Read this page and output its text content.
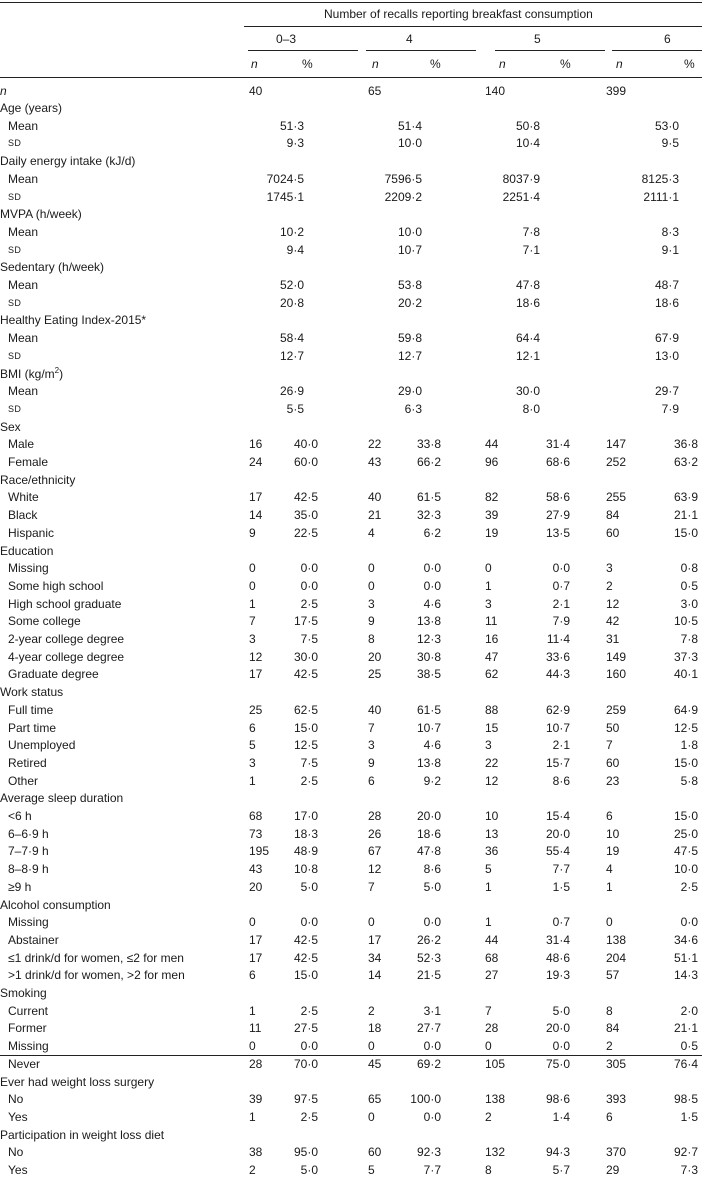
Number of recalls reporting breakfast consumption
0–3	4	5	6
n	%	n	%	n	%	n	%
n	40	65	140	399
Age (years)
Mean	51·3	51·4	50·8	53·0
SD	9·3	10·0	10·4	9·5
Daily energy intake (kJ/d)
Mean	7024·5	7596·5	8037·9	8125·3
SD	1745·1	2209·2	2251·4	2111·1
MVPA (h/week)
Mean	10·2	10·0	7·8	8·3
SD	9·4	10·7	7·1	9·1
Sedentary (h/week)
Mean	52·0	53·8	47·8	48·7
SD	20·8	20·2	18·6	18·6
Healthy Eating Index-2015*
Mean	58·4	59·8	64·4	67·9
SD	12·7	12·7	12·1	13·0
BMI $(kg/m^2)$
Mean	26·9	29·0	30·0	29·7
SD	5·5	6·3	8·0	7·9
Sex
Male	16	40·0	22	33·8	44	31·4	147	36·8
Female	24	60·0	43	66·2	96	68·6	252	63·2
Race/ethnicity
White	17	42·5	40	61·5	82	58·6	255	63·9
Black	14	35·0	21	32·3	39	27·9	84	21·1
Hispanic	9	22·5	4	6·2	19	13·5	60	15·0
Education
Missing	0	0·0	0	0·0	0	0·0	3	0·8
Some high school	0	0·0	0	0·0	1	0·7	2	0·5
High school graduate	1	2·5	3	4·6	3	2·1	12	3·0
Some college	7	17·5	9	13·8	11	7·9	42	10·5
2-year college degree	3	7·5	8	12·3	16	11·4	31	7·8
4-year college degree	12	30·0	20	30·8	47	33·6	149	37·3
Graduate degree	17	42·5	25	38·5	62	44·3	160	40·1
Work status
Full time	25	62·5	40	61·5	88	62·9	259	64·9
Part time	6	15·0	7	10·7	15	10·7	50	12·5
Unemployed	5	12·5	3	4·6	3	2·1	7	1·8
Retired	3	7·5	9	13·8	22	15·7	60	15·0
Other	1	2·5	6	9·2	12	8·6	23	5·8
Average sleep duration
<6 h	68	17·0	28	20·0	10	15·4	6	15·0
6–6·9 h	73	18·3	26	18·6	13	20·0	10	25·0
7–7·9 h	195	48·9	67	47·8	36	55·4	19	47·5
8–8·9 h	43	10·8	12	8·6	5	7·7	4	10·0
≥9 h	20	5·0	7	5·0	1	1·5	1	2·5
Alcohol consumption
Missing	0	0·0	0	0·0	1	0·7	0	0·0
Abstainer	17	42·5	17	26·2	44	31·4	138	34·6
≤1 drink/d for women, ≤2 for men	17	42·5	34	52·3	68	48·6	204	51·1
>1 drink/d for women, >2 for men	6	15·0	14	21·5	27	19·3	57	14·3
Smoking
Current	1	2·5	2	3·1	7	5·0	8	2·0
Former	11	27·5	18	27·7	28	20·0	84	21·1
Missing	0	0·0	0	0·0	0	0·0	2	0·5
Never	28	70·0	45	69·2	105	75·0	305	76·4
Ever had weight loss surgery
No	39	97·5	65	100·0	138	98·6	393	98·5
Yes	1	2·5	0	0·0	2	1·4	6	1·5
Participation in weight loss diet
No	38	95·0	60	92·3	132	94·3	370	92·7
Yes	2	5·0	5	7·7	8	5·7	29	7·3
